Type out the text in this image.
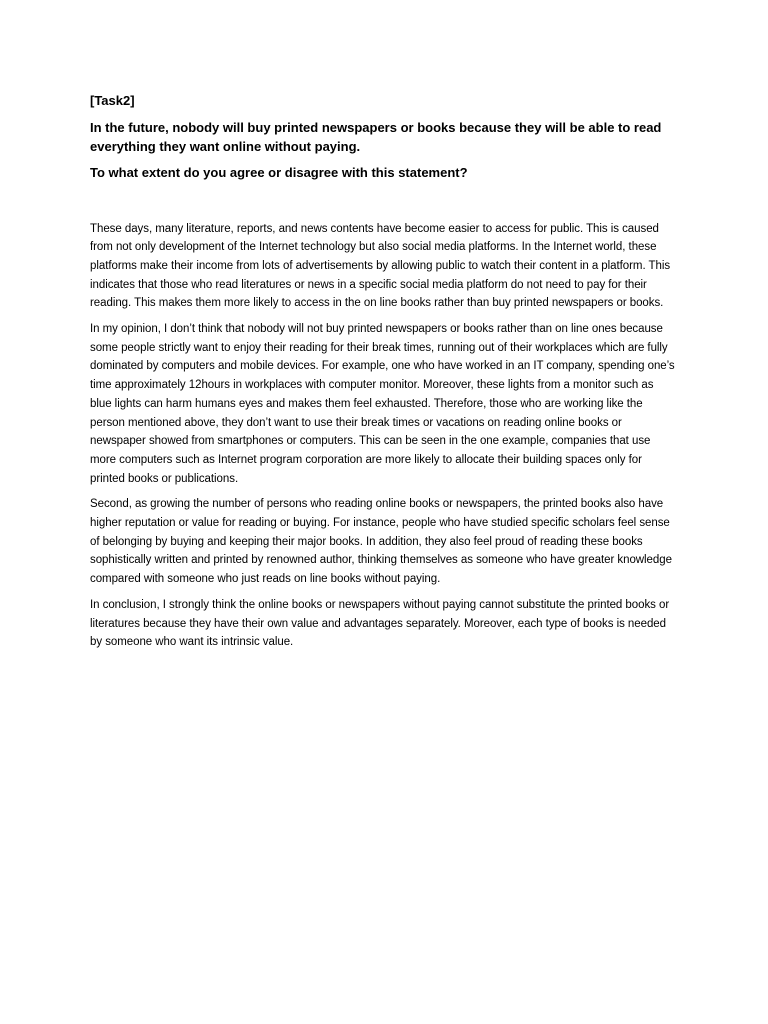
[Task2]
In the future, nobody will buy printed newspapers or books because they will be able to read everything they want online without paying.
To what extent do you agree or disagree with this statement?

These days, many literature, reports, and news contents have become easier to access for public. This is caused from not only development of the Internet technology but also social media platforms. In the Internet world, these platforms make their income from lots of advertisements by allowing public to watch their content in a platform. This indicates that those who read literatures or news in a specific social media platform do not need to pay for their reading. This makes them more likely to access in the on line books rather than buy printed newspapers or books.

In my opinion, I don’t think that nobody will not buy printed newspapers or books rather than on line ones because some people strictly want to enjoy their reading for their break times, running out of their workplaces which are fully dominated by computers and mobile devices. For example, one who have worked in an IT company, spending one’s time approximately 12hours in workplaces with computer monitor. Moreover, these lights from a monitor such as blue lights can harm humans eyes and makes them feel exhausted. Therefore, those who are working like the person mentioned above, they don’t want to use their break times or vacations on reading online books or newspaper showed from smartphones or computers. This can be seen in the one example, companies that use more computers such as Internet program corporation are more likely to allocate their building spaces only for printed books or publications.

Second, as growing the number of persons who reading online books or newspapers, the printed books also have higher reputation or value for reading or buying. For instance, people who have studied specific scholars feel sense of belonging by buying and keeping their major books. In addition, they also feel proud of reading these books sophistically written and printed by renowned author, thinking themselves as someone who have greater knowledge compared with someone who just reads on line books without paying.

In conclusion, I strongly think the online books or newspapers without paying cannot substitute the printed books or literatures because they have their own value and advantages separately. Moreover, each type of books is needed by someone who want its intrinsic value.
